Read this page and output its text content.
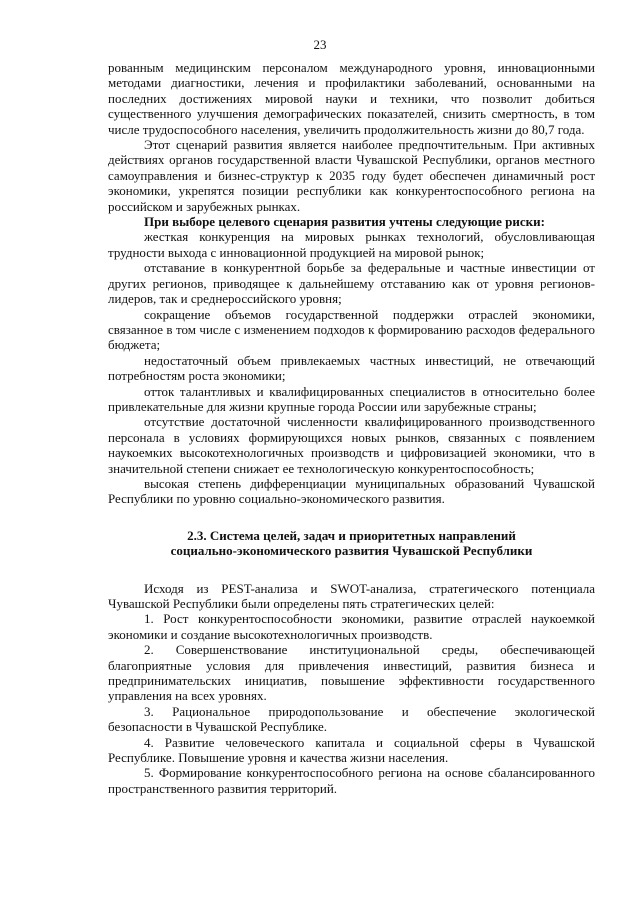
23

рованным медицинским персоналом международного уровня, инновационными методами диагностики, лечения и профилактики заболеваний, основанными на последних достижениях мировой науки и техники, что позволит добиться существенного улучшения демографических показателей, снизить смертность, в том числе трудоспособного населения, увеличить продолжительность жизни до 80,7 года.

Этот сценарий развития является наиболее предпочтительным. При активных действиях органов государственной власти Чувашской Республики, органов местного самоуправления и бизнес-структур к 2035 году будет обеспечен динамичный рост экономики, укрепятся позиции республики как конкурентоспособного региона на российском и зарубежных рынках.

При выборе целевого сценария развития учтены следующие риски:

жесткая конкуренция на мировых рынках технологий, обусловливающая трудности выхода с инновационной продукцией на мировой рынок;

отставание в конкурентной борьбе за федеральные и частные инвестиции от других регионов, приводящее к дальнейшему отставанию как от уровня регионов-лидеров, так и среднероссийского уровня;

сокращение объемов государственной поддержки отраслей экономики, связанное в том числе с изменением подходов к формированию расходов федерального бюджета;

недостаточный объем привлекаемых частных инвестиций, не отвечающий потребностям роста экономики;

отток талантливых и квалифицированных специалистов в относительно более привлекательные для жизни крупные города России или зарубежные страны;

отсутствие достаточной численности квалифицированного производственного персонала в условиях формирующихся новых рынков, связанных с появлением наукоемких высокотехнологичных производств и цифровизацией экономики, что в значительной степени снижает ее технологическую конкурентоспособность;

высокая степень дифференциации муниципальных образований Чувашской Республики по уровню социально-экономического развития.

2.3. Система целей, задач и приоритетных направлений
социально-экономического развития Чувашской Республики

Исходя из PEST-анализа и SWOT-анализа, стратегического потенциала Чувашской Республики были определены пять стратегических целей:

1. Рост конкурентоспособности экономики, развитие отраслей наукоемкой экономики и создание высокотехнологичных производств.

2. Совершенствование институциональной среды, обеспечивающей благоприятные условия для привлечения инвестиций, развития бизнеса и предпринимательских инициатив, повышение эффективности государственного управления на всех уровнях.

3. Рациональное природопользование и обеспечение экологической безопасности в Чувашской Республике.

4. Развитие человеческого капитала и социальной сферы в Чувашской Республике. Повышение уровня и качества жизни населения.

5. Формирование конкурентоспособного региона на основе сбалансированного пространственного развития территорий.
